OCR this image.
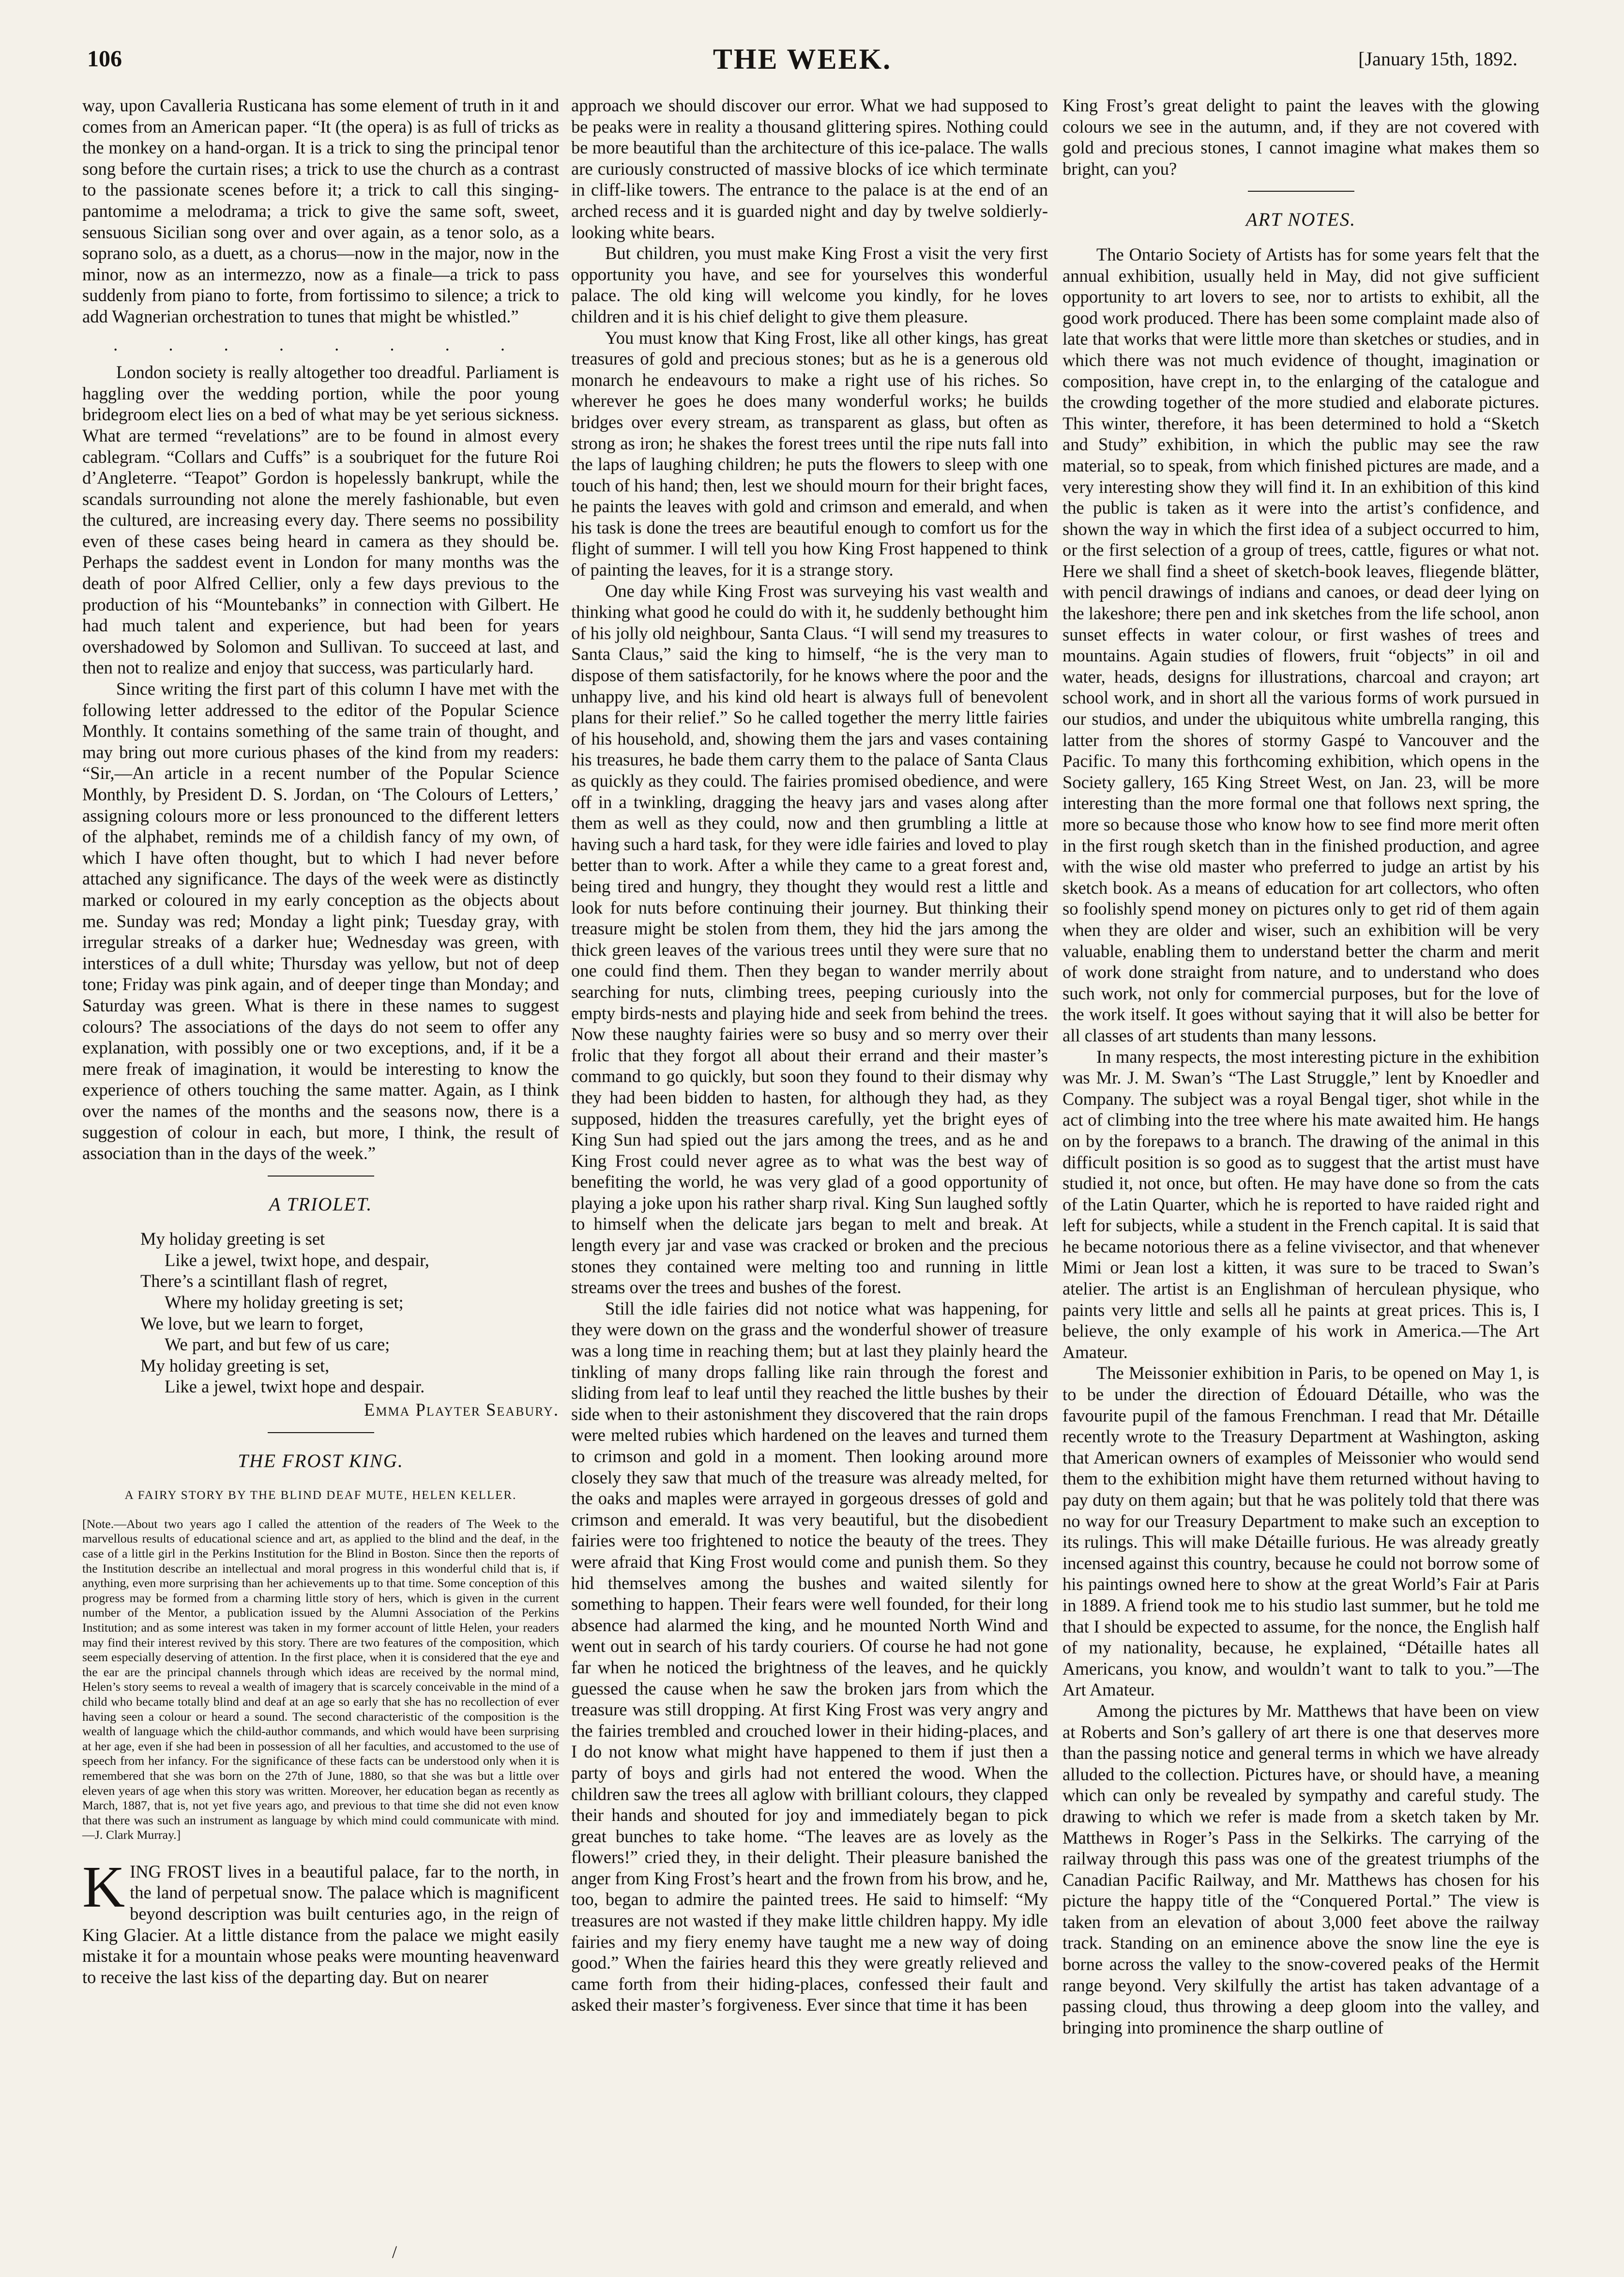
106	THE WEEK.	[January 15th, 1892.

way, upon Cavalleria Rusticana has some element of truth in it and comes from an American paper. “It (the opera) is as full of tricks as the monkey on a hand-organ. It is a trick to sing the principal tenor song before the curtain rises; a trick to use the church as a contrast to the passionate scenes before it; a trick to call this singing-pantomime a melodrama; a trick to give the same soft, sweet, sensuous Sicilian song over and over again, as a tenor solo, as a soprano solo, as a duett, as a chorus—now in the major, now in the minor, now as an intermezzo, now as a finale—a trick to pass suddenly from piano to forte, from fortissimo to silence; a trick to add Wagnerian orchestration to tunes that might be whistled.”

. . . . . . . .

London society is really altogether too dreadful. Parliament is haggling over the wedding portion, while the poor young bridegroom elect lies on a bed of what may be yet serious sickness. What are termed “revelations” are to be found in almost every cablegram. “Collars and Cuffs” is a soubriquet for the future Roi d’Angleterre. “Teapot” Gordon is hopelessly bankrupt, while the scandals surrounding not alone the merely fashionable, but even the cultured, are increasing every day. There seems no possibility even of these cases being heard in camera as they should be. Perhaps the saddest event in London for many months was the death of poor Alfred Cellier, only a few days previous to the production of his “Mountebanks” in connection with Gilbert. He had much talent and experience, but had been for years overshadowed by Solomon and Sullivan. To succeed at last, and then not to realize and enjoy that success, was particularly hard.

Since writing the first part of this column I have met with the following letter addressed to the editor of the Popular Science Monthly. It contains something of the same train of thought, and may bring out more curious phases of the kind from my readers: “Sir,—An article in a recent number of the Popular Science Monthly, by President D. S. Jordan, on ‘The Colours of Letters,’ assigning colours more or less pronounced to the different letters of the alphabet, reminds me of a childish fancy of my own, of which I have often thought, but to which I had never before attached any significance. The days of the week were as distinctly marked or coloured in my early conception as the objects about me. Sunday was red; Monday a light pink; Tuesday gray, with irregular streaks of a darker hue; Wednesday was green, with interstices of a dull white; Thursday was yellow, but not of deep tone; Friday was pink again, and of deeper tinge than Monday; and Saturday was green. What is there in these names to suggest colours? The associations of the days do not seem to offer any explanation, with possibly one or two exceptions, and, if it be a mere freak of imagination, it would be interesting to know the experience of others touching the same matter. Again, as I think over the names of the months and the seasons now, there is a suggestion of colour in each, but more, I think, the result of association than in the days of the week.”

A TRIOLET.
My holiday greeting is set
Like a jewel, twixt hope, and despair,
There’s a scintillant flash of regret,
Where my holiday greeting is set;
We love, but we learn to forget,
We part, and but few of us care;
My holiday greeting is set,
Like a jewel, twixt hope and despair.
Emma Playter Seabury.
THE FROST KING.
A FAIRY STORY BY THE BLIND DEAF MUTE, HELEN KELLER.

[Note.—About two years ago I called the attention of the readers of The Week to the marvellous results of educational science and art, as applied to the blind and the deaf, in the case of a little girl in the Perkins Institution for the Blind in Boston. Since then the reports of the Institution describe an intellectual and moral progress in this wonderful child that is, if anything, even more surprising than her achievements up to that time. Some conception of this progress may be formed from a charming little story of hers, which is given in the current number of the Mentor, a publication issued by the Alumni Association of the Perkins Institution; and as some interest was taken in my former account of little Helen, your readers may find their interest revived by this story. There are two features of the composition, which seem especially deserving of attention. In the first place, when it is considered that the eye and the ear are the principal channels through which ideas are received by the normal mind, Helen’s story seems to reveal a wealth of imagery that is scarcely conceivable in the mind of a child who became totally blind and deaf at an age so early that she has no recollection of ever having seen a colour or heard a sound. The second characteristic of the composition is the wealth of language which the child-author commands, and which would have been surprising at her age, even if she had been in possession of all her faculties, and accustomed to the use of speech from her infancy. For the significance of these facts can be understood only when it is remembered that she was born on the 27th of June, 1880, so that she was but a little over eleven years of age when this story was written. Moreover, her education began as recently as March, 1887, that is, not yet five years ago, and previous to that time she did not even know that there was such an instrument as language by which mind could communicate with mind.—J. Clark Murray.]

KING FROST lives in a beautiful palace, far to the north, in the land of perpetual snow. The palace which is magnificent beyond description was built centuries ago, in the reign of King Glacier. At a little distance from the palace we might easily mistake it for a mountain whose peaks were mounting heavenward to receive the last kiss of the departing day. But on nearer

approach we should discover our error. What we had supposed to be peaks were in reality a thousand glittering spires. Nothing could be more beautiful than the architecture of this ice-palace. The walls are curiously constructed of massive blocks of ice which terminate in cliff-like towers. The entrance to the palace is at the end of an arched recess and it is guarded night and day by twelve soldierly-looking white bears.

But children, you must make King Frost a visit the very first opportunity you have, and see for yourselves this wonderful palace. The old king will welcome you kindly, for he loves children and it is his chief delight to give them pleasure.

You must know that King Frost, like all other kings, has great treasures of gold and precious stones; but as he is a generous old monarch he endeavours to make a right use of his riches. So wherever he goes he does many wonderful works; he builds bridges over every stream, as transparent as glass, but often as strong as iron; he shakes the forest trees until the ripe nuts fall into the laps of laughing children; he puts the flowers to sleep with one touch of his hand; then, lest we should mourn for their bright faces, he paints the leaves with gold and crimson and emerald, and when his task is done the trees are beautiful enough to comfort us for the flight of summer. I will tell you how King Frost happened to think of painting the leaves, for it is a strange story.

One day while King Frost was surveying his vast wealth and thinking what good he could do with it, he suddenly bethought him of his jolly old neighbour, Santa Claus. “I will send my treasures to Santa Claus,” said the king to himself, “he is the very man to dispose of them satisfactorily, for he knows where the poor and the unhappy live, and his kind old heart is always full of benevolent plans for their relief.” So he called together the merry little fairies of his household, and, showing them the jars and vases containing his treasures, he bade them carry them to the palace of Santa Claus as quickly as they could. The fairies promised obedience, and were off in a twinkling, dragging the heavy jars and vases along after them as well as they could, now and then grumbling a little at having such a hard task, for they were idle fairies and loved to play better than to work. After a while they came to a great forest and, being tired and hungry, they thought they would rest a little and look for nuts before continuing their journey. But thinking their treasure might be stolen from them, they hid the jars among the thick green leaves of the various trees until they were sure that no one could find them. Then they began to wander merrily about searching for nuts, climbing trees, peeping curiously into the empty birds-nests and playing hide and seek from behind the trees. Now these naughty fairies were so busy and so merry over their frolic that they forgot all about their errand and their master’s command to go quickly, but soon they found to their dismay why they had been bidden to hasten, for although they had, as they supposed, hidden the treasures carefully, yet the bright eyes of King Sun had spied out the jars among the trees, and as he and King Frost could never agree as to what was the best way of benefiting the world, he was very glad of a good opportunity of playing a joke upon his rather sharp rival. King Sun laughed softly to himself when the delicate jars began to melt and break. At length every jar and vase was cracked or broken and the precious stones they contained were melting too and running in little streams over the trees and bushes of the forest.

Still the idle fairies did not notice what was happening, for they were down on the grass and the wonderful shower of treasure was a long time in reaching them; but at last they plainly heard the tinkling of many drops falling like rain through the forest and sliding from leaf to leaf until they reached the little bushes by their side when to their astonishment they discovered that the rain drops were melted rubies which hardened on the leaves and turned them to crimson and gold in a moment. Then looking around more closely they saw that much of the treasure was already melted, for the oaks and maples were arrayed in gorgeous dresses of gold and crimson and emerald. It was very beautiful, but the disobedient fairies were too frightened to notice the beauty of the trees. They were afraid that King Frost would come and punish them. So they hid themselves among the bushes and waited silently for something to happen. Their fears were well founded, for their long absence had alarmed the king, and he mounted North Wind and went out in search of his tardy couriers. Of course he had not gone far when he noticed the brightness of the leaves, and he quickly guessed the cause when he saw the broken jars from which the treasure was still dropping. At first King Frost was very angry and the fairies trembled and crouched lower in their hiding-places, and I do not know what might have happened to them if just then a party of boys and girls had not entered the wood. When the children saw the trees all aglow with brilliant colours, they clapped their hands and shouted for joy and immediately began to pick great bunches to take home. “The leaves are as lovely as the flowers!” cried they, in their delight. Their pleasure banished the anger from King Frost’s heart and the frown from his brow, and he, too, began to admire the painted trees. He said to himself: “My treasures are not wasted if they make little children happy. My idle fairies and my fiery enemy have taught me a new way of doing good.” When the fairies heard this they were greatly relieved and came forth from their hiding-places, confessed their fault and asked their master’s forgiveness. Ever since that time it has been

King Frost’s great delight to paint the leaves with the glowing colours we see in the autumn, and, if they are not covered with gold and precious stones, I cannot imagine what makes them so bright, can you?

ART NOTES.

The Ontario Society of Artists has for some years felt that the annual exhibition, usually held in May, did not give sufficient opportunity to art lovers to see, nor to artists to exhibit, all the good work produced. There has been some complaint made also of late that works that were little more than sketches or studies, and in which there was not much evidence of thought, imagination or composition, have crept in, to the enlarging of the catalogue and the crowding together of the more studied and elaborate pictures. This winter, therefore, it has been determined to hold a “Sketch and Study” exhibition, in which the public may see the raw material, so to speak, from which finished pictures are made, and a very interesting show they will find it. In an exhibition of this kind the public is taken as it were into the artist’s confidence, and shown the way in which the first idea of a subject occurred to him, or the first selection of a group of trees, cattle, figures or what not. Here we shall find a sheet of sketch-book leaves, fliegende blätter, with pencil drawings of indians and canoes, or dead deer lying on the lakeshore; there pen and ink sketches from the life school, anon sunset effects in water colour, or first washes of trees and mountains. Again studies of flowers, fruit “objects” in oil and water, heads, designs for illustrations, charcoal and crayon; art school work, and in short all the various forms of work pursued in our studios, and under the ubiquitous white umbrella ranging, this latter from the shores of stormy Gaspé to Vancouver and the Pacific. To many this forthcoming exhibition, which opens in the Society gallery, 165 King Street West, on Jan. 23, will be more interesting than the more formal one that follows next spring, the more so because those who know how to see find more merit often in the first rough sketch than in the finished production, and agree with the wise old master who preferred to judge an artist by his sketch book. As a means of education for art collectors, who often so foolishly spend money on pictures only to get rid of them again when they are older and wiser, such an exhibition will be very valuable, enabling them to understand better the charm and merit of work done straight from nature, and to understand who does such work, not only for commercial purposes, but for the love of the work itself. It goes without saying that it will also be better for all classes of art students than many lessons.

In many respects, the most interesting picture in the exhibition was Mr. J. M. Swan’s “The Last Struggle,” lent by Knoedler and Company. The subject was a royal Bengal tiger, shot while in the act of climbing into the tree where his mate awaited him. He hangs on by the forepaws to a branch. The drawing of the animal in this difficult position is so good as to suggest that the artist must have studied it, not once, but often. He may have done so from the cats of the Latin Quarter, which he is reported to have raided right and left for subjects, while a student in the French capital. It is said that he became notorious there as a feline vivisector, and that whenever Mimi or Jean lost a kitten, it was sure to be traced to Swan’s atelier. The artist is an Englishman of herculean physique, who paints very little and sells all he paints at great prices. This is, I believe, the only example of his work in America.—The Art Amateur.

The Meissonier exhibition in Paris, to be opened on May 1, is to be under the direction of Édouard Détaille, who was the favourite pupil of the famous Frenchman. I read that Mr. Détaille recently wrote to the Treasury Department at Washington, asking that American owners of examples of Meissonier who would send them to the exhibition might have them returned without having to pay duty on them again; but that he was politely told that there was no way for our Treasury Department to make such an exception to its rulings. This will make Détaille furious. He was already greatly incensed against this country, because he could not borrow some of his paintings owned here to show at the great World’s Fair at Paris in 1889. A friend took me to his studio last summer, but he told me that I should be expected to assume, for the nonce, the English half of my nationality, because, he explained, “Détaille hates all Americans, you know, and wouldn’t want to talk to you.”—The Art Amateur.

Among the pictures by Mr. Matthews that have been on view at Roberts and Son’s gallery of art there is one that deserves more than the passing notice and general terms in which we have already alluded to the collection. Pictures have, or should have, a meaning which can only be revealed by sympathy and careful study. The drawing to which we refer is made from a sketch taken by Mr. Matthews in Roger’s Pass in the Selkirks. The carrying of the railway through this pass was one of the greatest triumphs of the Canadian Pacific Railway, and Mr. Matthews has chosen for his picture the happy title of the “Conquered Portal.” The view is taken from an elevation of about 3,000 feet above the railway track. Standing on an eminence above the snow line the eye is borne across the valley to the snow-covered peaks of the Hermit range beyond. Very skilfully the artist has taken advantage of a passing cloud, thus throwing a deep gloom into the valley, and bringing into prominence the sharp outline of

/
